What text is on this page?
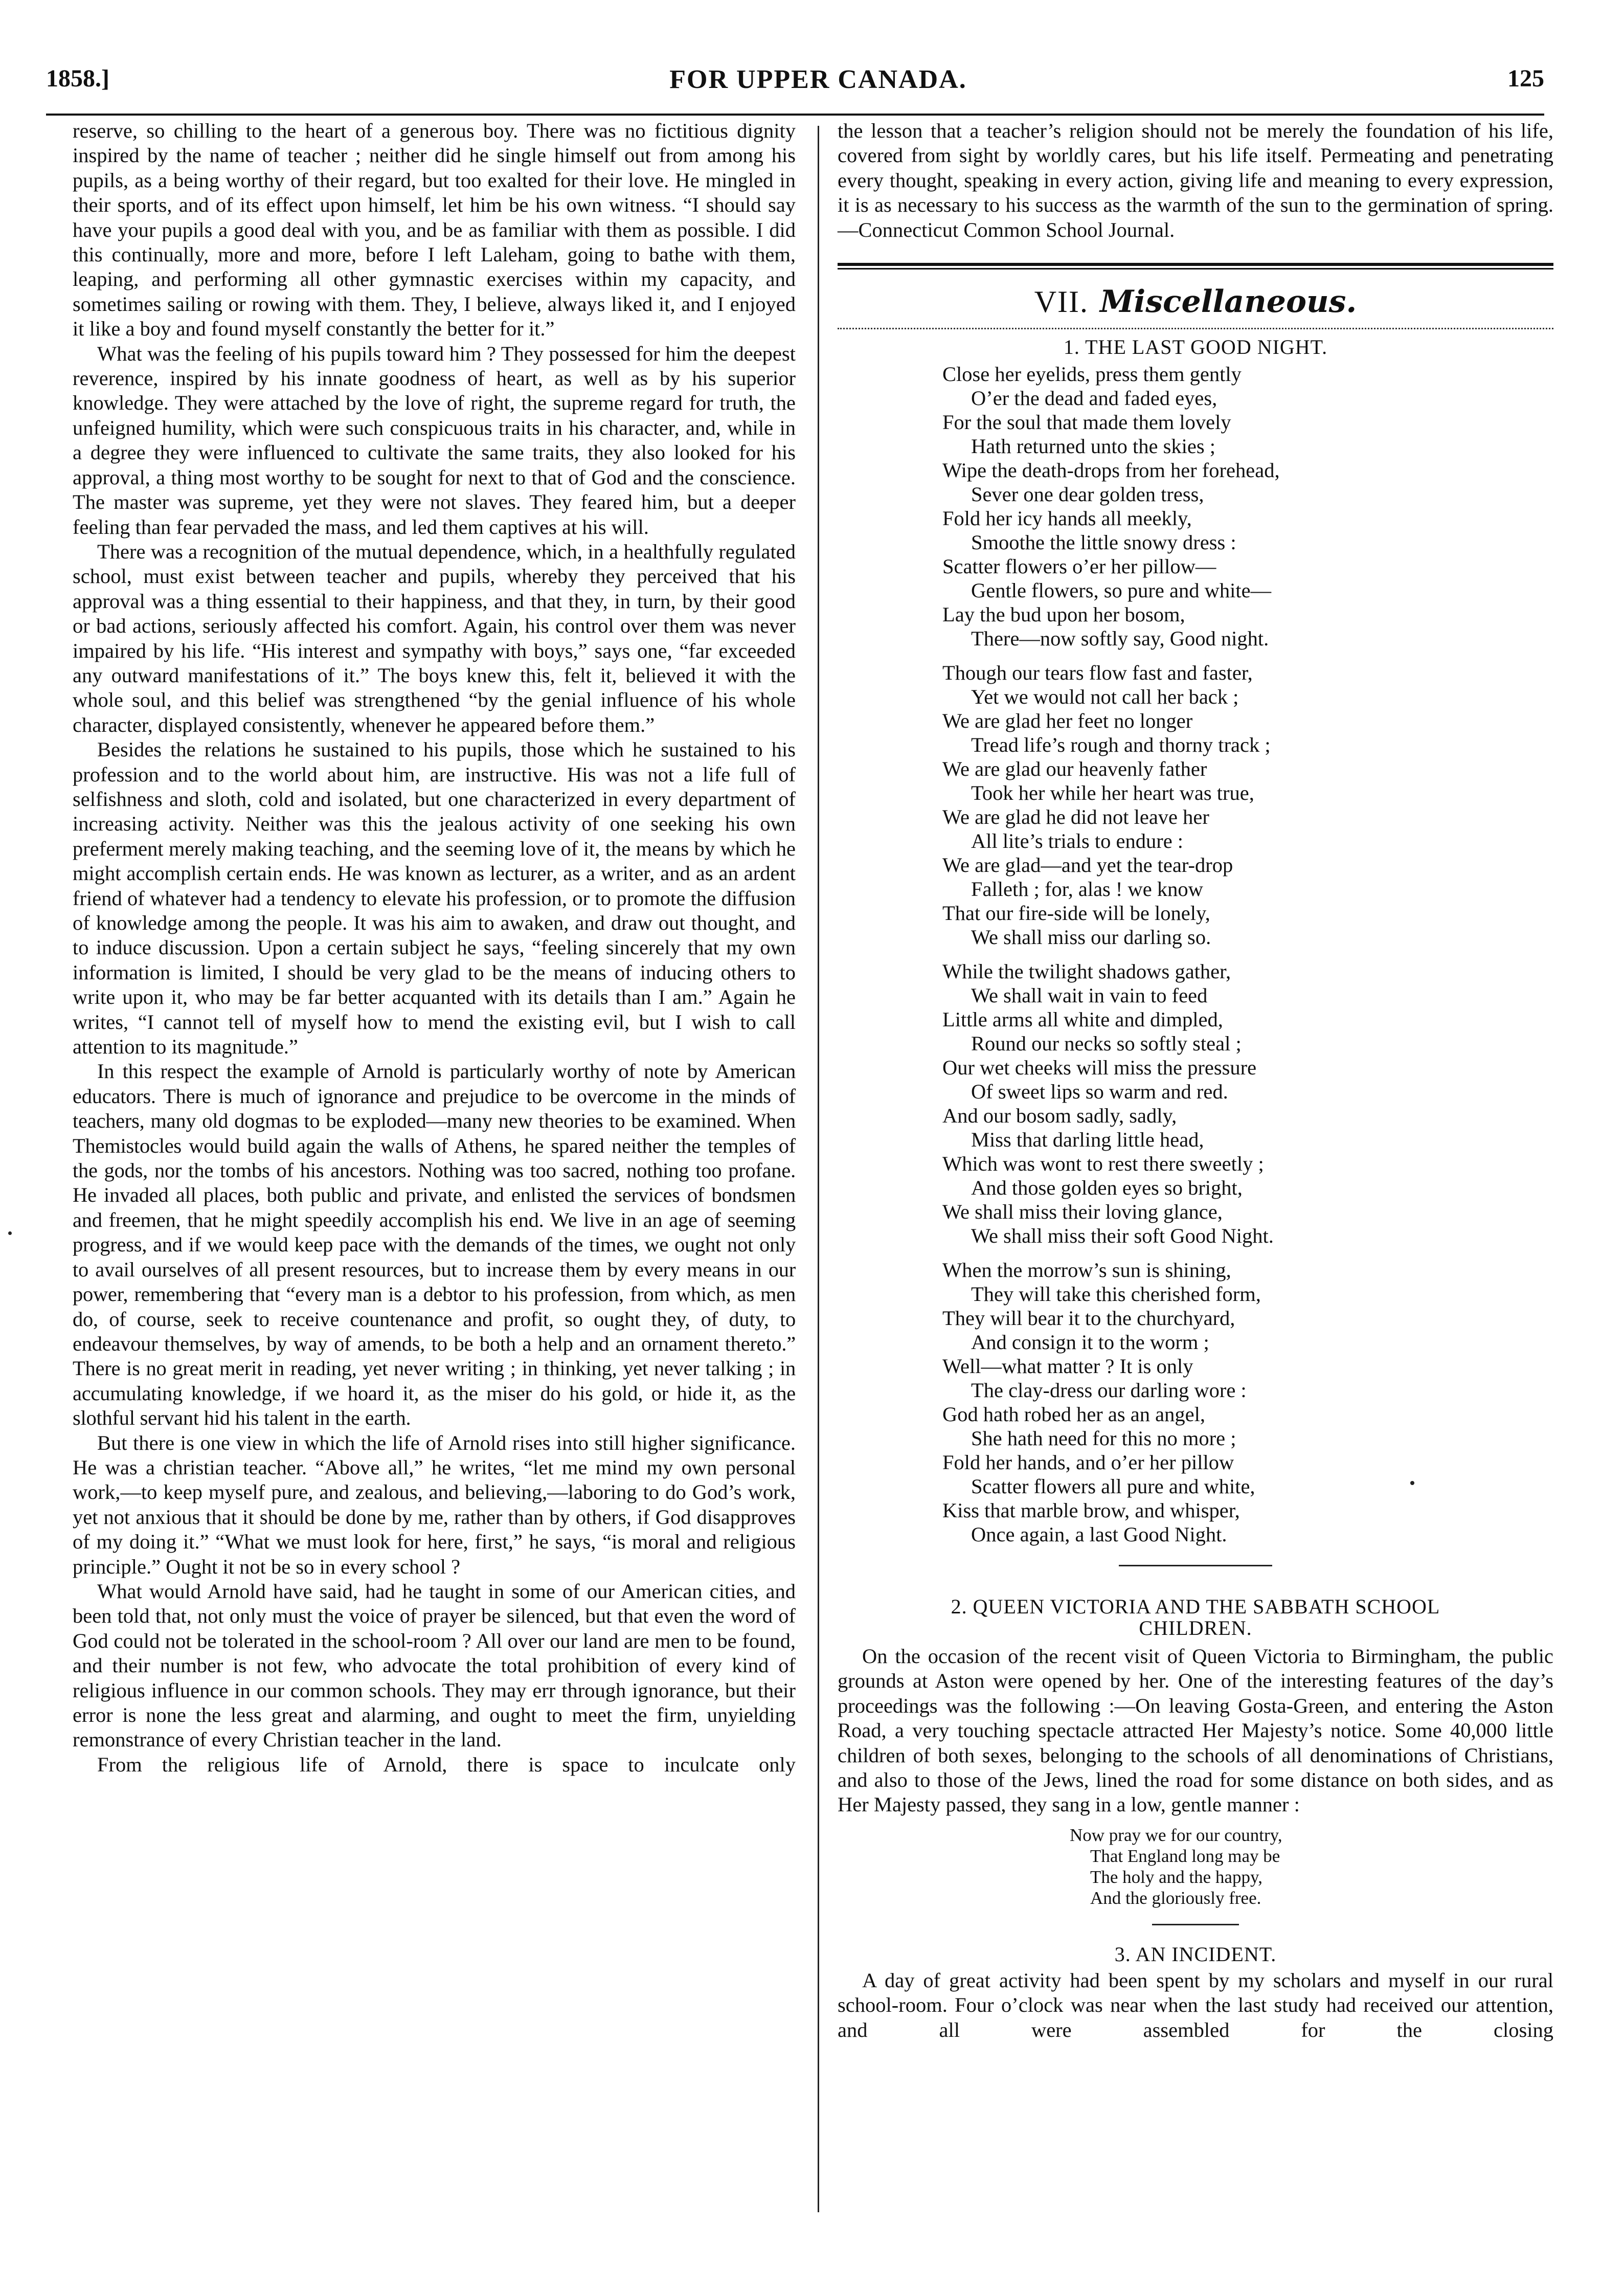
1858.]	FOR UPPER CANADA.	125

reserve, so chilling to the heart of a generous boy. There was no fictitious dignity inspired by the name of teacher ; neither did he single himself out from among his pupils, as a being worthy of their regard, but too exalted for their love. He mingled in their sports, and of its effect upon himself, let him be his own witness. “I should say have your pupils a good deal with you, and be as familiar with them as possible. I did this continually, more and more, before I left Laleham, going to bathe with them, leaping, and performing all other gymnastic exercises within my capacity, and sometimes sailing or rowing with them. They, I believe, always liked it, and I enjoyed it like a boy and found myself constantly the better for it.”

What was the feeling of his pupils toward him ? They possessed for him the deepest reverence, inspired by his innate goodness of heart, as well as by his superior knowledge. They were attached by the love of right, the supreme regard for truth, the unfeigned humility, which were such conspicuous traits in his character, and, while in a degree they were influenced to cultivate the same traits, they also looked for his approval, a thing most worthy to be sought for next to that of God and the conscience. The master was supreme, yet they were not slaves. They feared him, but a deeper feeling than fear pervaded the mass, and led them captives at his will.

There was a recognition of the mutual dependence, which, in a healthfully regulated school, must exist between teacher and pupils, whereby they perceived that his approval was a thing essential to their happiness, and that they, in turn, by their good or bad actions, seriously affected his comfort. Again, his control over them was never impaired by his life. “His interest and sympathy with boys,” says one, “far exceeded any outward manifestations of it.” The boys knew this, felt it, believed it with the whole soul, and this belief was strengthened “by the genial influence of his whole character, displayed consistently, whenever he appeared before them.”

Besides the relations he sustained to his pupils, those which he sustained to his profession and to the world about him, are instructive. His was not a life full of selfishness and sloth, cold and isolated, but one characterized in every department of increasing activity. Neither was this the jealous activity of one seeking his own preferment merely making teaching, and the seeming love of it, the means by which he might accomplish certain ends. He was known as lecturer, as a writer, and as an ardent friend of whatever had a tendency to elevate his profession, or to promote the diffusion of knowledge among the people. It was his aim to awaken, and draw out thought, and to induce discussion. Upon a certain subject he says, “feeling sincerely that my own information is limited, I should be very glad to be the means of inducing others to write upon it, who may be far better acquanted with its details than I am.” Again he writes, “I cannot tell of myself how to mend the existing evil, but I wish to call attention to its magnitude.”

In this respect the example of Arnold is particularly worthy of note by American educators. There is much of ignorance and prejudice to be overcome in the minds of teachers, many old dogmas to be exploded—many new theories to be examined. When Themistocles would build again the walls of Athens, he spared neither the temples of the gods, nor the tombs of his ancestors. Nothing was too sacred, nothing too profane. He invaded all places, both public and private, and enlisted the services of bondsmen and freemen, that he might speedily accomplish his end. We live in an age of seeming progress, and if we would keep pace with the demands of the times, we ought not only to avail ourselves of all present resources, but to increase them by every means in our power, remembering that “every man is a debtor to his profession, from which, as men do, of course, seek to receive countenance and profit, so ought they, of duty, to endeavour themselves, by way of amends, to be both a help and an ornament thereto.” There is no great merit in reading, yet never writing ; in thinking, yet never talking ; in accumulating knowledge, if we hoard it, as the miser do his gold, or hide it, as the slothful servant hid his talent in the earth.

But there is one view in which the life of Arnold rises into still higher significance. He was a christian teacher. “Above all,” he writes, “let me mind my own personal work,—to keep myself pure, and zealous, and believing,—laboring to do God’s work, yet not anxious that it should be done by me, rather than by others, if God disapproves of my doing it.” “What we must look for here, first,” he says, “is moral and religious principle.” Ought it not be so in every school ?

What would Arnold have said, had he taught in some of our American cities, and been told that, not only must the voice of prayer be silenced, but that even the word of God could not be tolerated in the school-room ? All over our land are men to be found, and their number is not few, who advocate the total prohibition of every kind of religious influence in our common schools. They may err through ignorance, but their error is none the less great and alarming, and ought to meet the firm, unyielding remonstrance of every Christian teacher in the land.

From the religious life of Arnold, there is space to inculcate only

the lesson that a teacher’s religion should not be merely the foundation of his life, covered from sight by worldly cares, but his life itself. Permeating and penetrating every thought, speaking in every action, giving life and meaning to every expression, it is as necessary to his success as the warmth of the sun to the germination of spring.—Connecticut Common School Journal.

VII. Miscellaneous.
1. THE LAST GOOD NIGHT.
Close her eyelids, press them gently
O’er the dead and faded eyes,
For the soul that made them lovely
Hath returned unto the skies ;
Wipe the death-drops from her forehead,
Sever one dear golden tress,
Fold her icy hands all meekly,
Smoothe the little snowy dress :
Scatter flowers o’er her pillow—
Gentle flowers, so pure and white—
Lay the bud upon her bosom,
There—now softly say, Good night.
Though our tears flow fast and faster,
Yet we would not call her back ;
We are glad her feet no longer
Tread life’s rough and thorny track ;
We are glad our heavenly father
Took her while her heart was true,
We are glad he did not leave her
All lite’s trials to endure :
We are glad—and yet the tear-drop
Falleth ; for, alas ! we know
That our fire-side will be lonely,
We shall miss our darling so.
While the twilight shadows gather,
We shall wait in vain to feed
Little arms all white and dimpled,
Round our necks so softly steal ;
Our wet cheeks will miss the pressure
Of sweet lips so warm and red.
And our bosom sadly, sadly,
Miss that darling little head,
Which was wont to rest there sweetly ;
And those golden eyes so bright,
We shall miss their loving glance,
We shall miss their soft Good Night.
When the morrow’s sun is shining,
They will take this cherished form,
They will bear it to the churchyard,
And consign it to the worm ;
Well—what matter ? It is only
The clay-dress our darling wore :
God hath robed her as an angel,
She hath need for this no more ;
Fold her hands, and o’er her pillow
Scatter flowers all pure and white,
Kiss that marble brow, and whisper,
Once again, a last Good Night.
2. QUEEN VICTORIA AND THE SABBATH SCHOOL
CHILDREN.

On the occasion of the recent visit of Queen Victoria to Birmingham, the public grounds at Aston were opened by her. One of the interesting features of the day’s proceedings was the following :—On leaving Gosta-Green, and entering the Aston Road, a very touching spectacle attracted Her Majesty’s notice. Some 40,000 little children of both sexes, belonging to the schools of all denominations of Christians, and also to those of the Jews, lined the road for some distance on both sides, and as Her Majesty passed, they sang in a low, gentle manner :

Now pray we for our country,
That England long may be
The holy and the happy,
And the gloriously free.
3. AN INCIDENT.

A day of great activity had been spent by my scholars and myself in our rural school-room. Four o’clock was near when the last study had received our attention, and all were assembled for the closing
